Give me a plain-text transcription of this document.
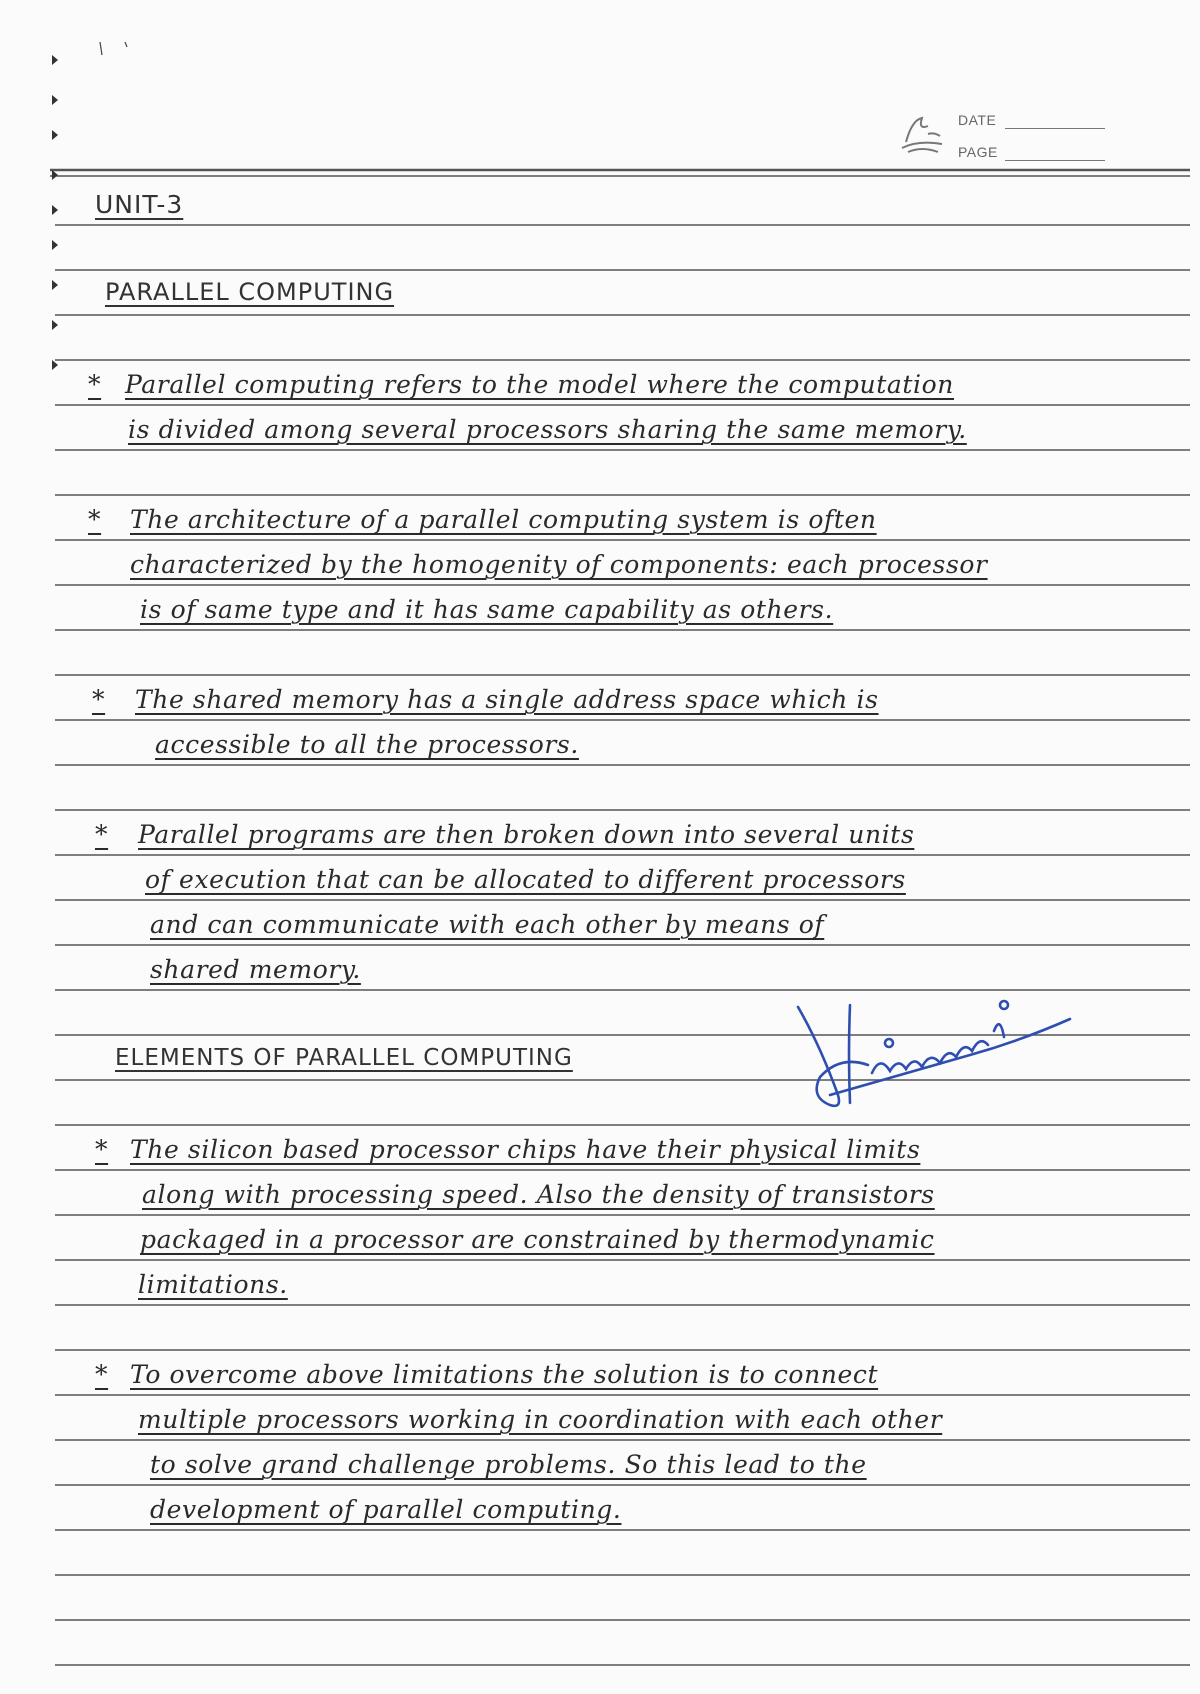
DATE
PAGE
UNIT-3
PARALLEL COMPUTING
* Parallel computing refers to the model where the computation
is divided among several processors sharing the same memory.
* The architecture of a parallel computing system is often
characterized by the homogenity of components: each processor
is of same type and it has same capability as others.
* The shared memory has a single address space which is
accessible to all the processors.
* Parallel programs are then broken down into several units
of execution that can be allocated to different processors
and can communicate with each other by means of
shared memory.
ELEMENTS OF PARALLEL COMPUTING
* The silicon based processor chips have their physical limits
along with processing speed. Also the density of transistors
packaged in a processor are constrained by thermodynamic
limitations.
* To overcome above limitations the solution is to connect
multiple processors working in coordination with each other
to solve grand challenge problems. So this lead to the
development of parallel computing.
